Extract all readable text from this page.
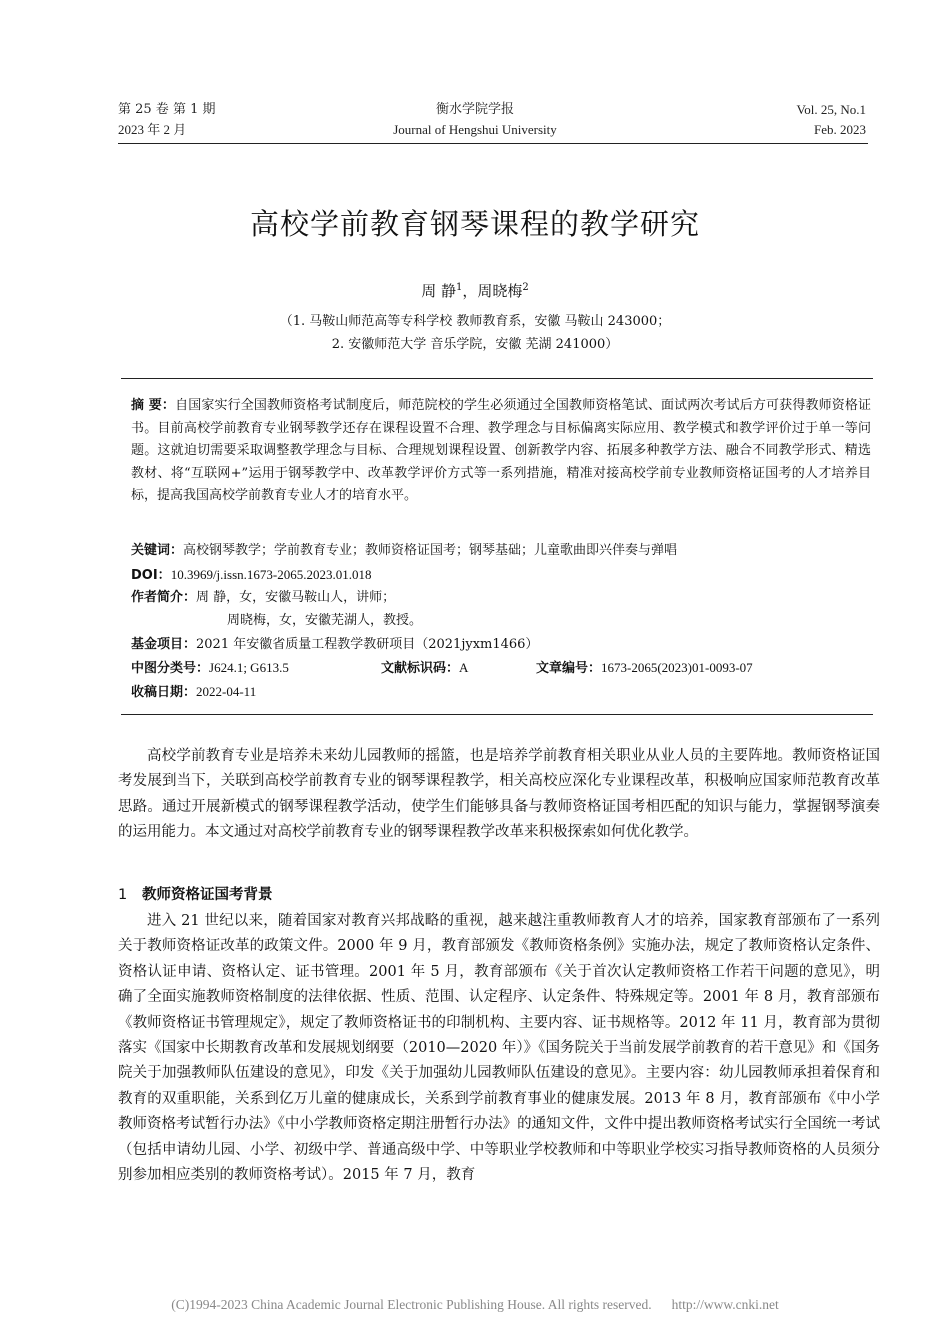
第 25 卷 第 1 期
2023 年 2 月
衡水学院学报
Journal of Hengshui University
Vol. 25, No.1
Feb. 2023
高校学前教育钢琴课程的教学研究
周 静$^1$，周晓梅$^2$
（1. 马鞍山师范高等专科学校 教师教育系，安徽 马鞍山 243000；
2. 安徽师范大学 音乐学院，安徽 芜湖 241000）
摘 要：自国家实行全国教师资格考试制度后，师范院校的学生必须通过全国教师资格笔试、面试两次考试后方可获得教师资格证书。目前高校学前教育专业钢琴教学还存在课程设置不合理、教学理念与目标偏离实际应用、教学模式和教学评价过于单一等问题。这就迫切需要采取调整教学理念与目标、合理规划课程设置、创新教学内容、拓展多种教学方法、融合不同教学形式、精选教材、将“互联网+”运用于钢琴教学中、改革教学评价方式等一系列措施，精准对接高校学前专业教师资格证国考的人才培养目标，提高我国高校学前教育专业人才的培育水平。
关键词：高校钢琴教学；学前教育专业；教师资格证国考；钢琴基础；儿童歌曲即兴伴奏与弹唱
DOI：10.3969/j.issn.1673-2065.2023.01.018
作者简介：周 静，女，安徽马鞍山人，讲师；
周晓梅，女，安徽芜湖人，教授。
基金项目：2021 年安徽省质量工程教学教研项目（2021jyxm1466）
中图分类号：J624.1; G613.5	文献标识码：A	文章编号：1673-2065(2023)01-0093-07
收稿日期：2022-04-11
高校学前教育专业是培养未来幼儿园教师的摇篮，也是培养学前教育相关职业从业人员的主要阵地。教师资格证国考发展到当下，关联到高校学前教育专业的钢琴课程教学，相关高校应深化专业课程改革，积极响应国家师范教育改革思路。通过开展新模式的钢琴课程教学活动，使学生们能够具备与教师资格证国考相匹配的知识与能力，掌握钢琴演奏的运用能力。本文通过对高校学前教育专业的钢琴课程教学改革来积极探索如何优化教学。
1 教师资格证国考背景
进入 21 世纪以来，随着国家对教育兴邦战略的重视，越来越注重教师教育人才的培养，国家教育部颁布了一系列关于教师资格证改革的政策文件。2000 年 9 月，教育部颁发《教师资格条例》实施办法，规定了教师资格认定条件、资格认证申请、资格认定、证书管理。2001 年 5 月，教育部颁布《关于首次认定教师资格工作若干问题的意见》，明确了全面实施教师资格制度的法律依据、性质、范围、认定程序、认定条件、特殊规定等。2001 年 8 月，教育部颁布《教师资格证书管理规定》，规定了教师资格证书的印制机构、主要内容、证书规格等。2012 年 11 月，教育部为贯彻落实《国家中长期教育改革和发展规划纲要（2010—2020 年）》《国务院关于当前发展学前教育的若干意见》和《国务院关于加强教师队伍建设的意见》，印发《关于加强幼儿园教师队伍建设的意见》。主要内容：幼儿园教师承担着保育和教育的双重职能，关系到亿万儿童的健康成长，关系到学前教育事业的健康发展。2013 年 8 月，教育部颁布《中小学教师资格考试暂行办法》《中小学教师资格定期注册暂行办法》的通知文件，文件中提出教师资格考试实行全国统一考试（包括申请幼儿园、小学、初级中学、普通高级中学、中等职业学校教师和中等职业学校实习指导教师资格的人员须分别参加相应类别的教师资格考试）。2015 年 7 月，教育
(C)1994-2023 China Academic Journal Electronic Publishing House. All rights reserved. http://www.cnki.net
